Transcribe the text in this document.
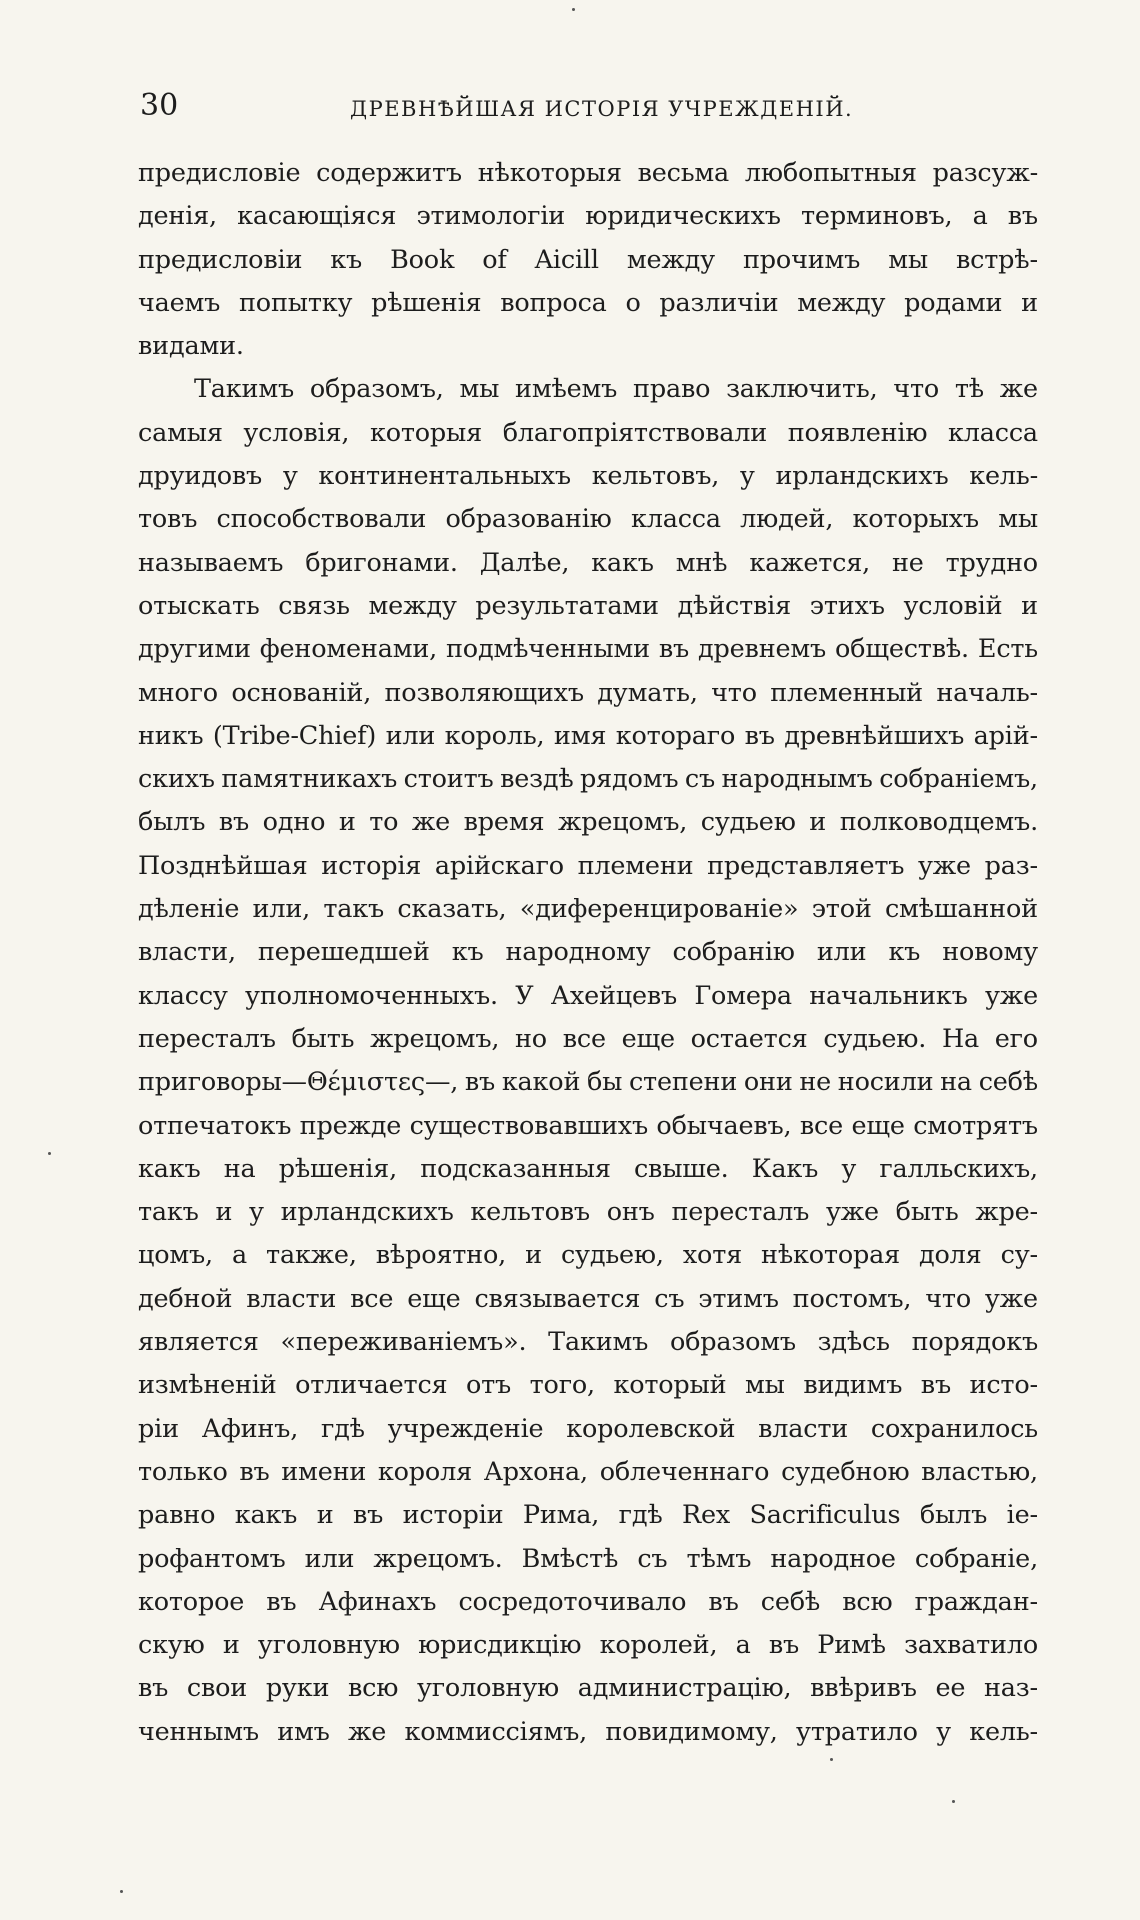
30	ДРЕВНѢЙШАЯ ИСТОРІЯ УЧРЕЖДЕНІЙ.
предисловіе содержитъ нѣкоторыя весьма любопытныя разсуж-
денія, касающіяся этимологіи юридическихъ терминовъ, а въ
предисловіи къ Book of Aicill между прочимъ мы встрѣ-
чаемъ попытку рѣшенія вопроса о различіи между родами и
видами.
Такимъ образомъ, мы имѣемъ право заключить, что тѣ же
самыя условія, которыя благопріятствовали появленію класса
друидовъ у континентальныхъ кельтовъ, у ирландскихъ кель-
товъ способствовали образованію класса людей, которыхъ мы
называемъ бригонами. Далѣе, какъ мнѣ кажется, не трудно
отыскать связь между результатами дѣйствія этихъ условій и
другими феноменами, подмѣченными въ древнемъ обществѣ. Есть
много основаній, позволяющихъ думать, что племенный началь-
никъ (Tribe-Chief) или король, имя котораго въ древнѣйшихъ арій-
скихъ памятникахъ стоитъ вездѣ рядомъ съ народнымъ собраніемъ,
былъ въ одно и то же время жрецомъ, судьею и полководцемъ.
Позднѣйшая исторія арійскаго племени представляетъ уже раз-
дѣленіе или, такъ сказать, «диференцированіе» этой смѣшанной
власти, перешедшей къ народному собранію или къ новому
классу уполномоченныхъ. У Ахейцевъ Гомера начальникъ уже
пересталъ быть жрецомъ, но все еще остается судьею. На его
приговоры—Θέμιστες—, въ какой бы степени они не носили на себѣ
отпечатокъ прежде существовавшихъ обычаевъ, все еще смотрятъ
какъ на рѣшенія, подсказанныя свыше. Какъ у галльскихъ,
такъ и у ирландскихъ кельтовъ онъ пересталъ уже быть жре-
цомъ, а также, вѣроятно, и судьею, хотя нѣкоторая доля су-
дебной власти все еще связывается съ этимъ постомъ, что уже
является «переживаніемъ». Такимъ образомъ здѣсь порядокъ
измѣненій отличается отъ того, который мы видимъ въ исто-
ріи Афинъ, гдѣ учрежденіе королевской власти сохранилось
только въ имени короля Архона, облеченнаго судебною властью,
равно какъ и въ исторіи Рима, гдѣ Rex Sacrificulus былъ іе-
рофантомъ или жрецомъ. Вмѣстѣ съ тѣмъ народное собраніе,
которое въ Афинахъ сосредоточивало въ себѣ всю граждан-
скую и уголовную юрисдикцію королей, а въ Римѣ захватило
въ свои руки всю уголовную администрацію, ввѣривъ ее наз-
ченнымъ имъ же коммиссіямъ, повидимому, утратило у кель-
